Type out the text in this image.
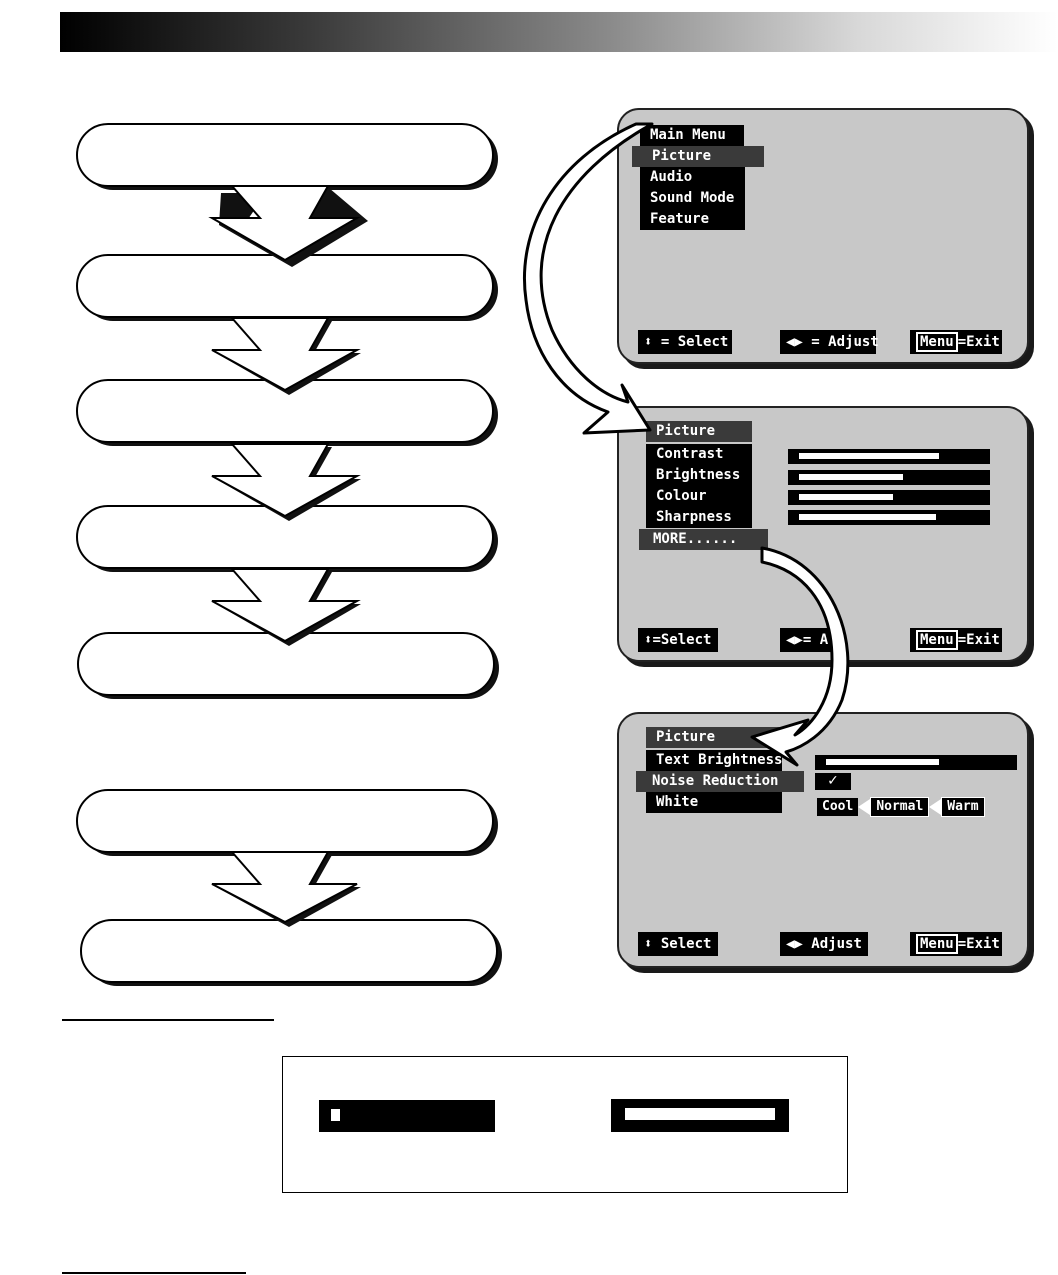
Main Menu
Picture
Audio
Sound Mode
Feature
⬍ = Select	◀▶ = Adjust	Menu =Exit
Picture
Contrast
Brightness
Colour
Sharpness
MORE......
⬍=Select	◀▶= A	Menu =Exit
Picture
Text Brightness
Noise Reduction
White
✓
Cool Normal Warm
⬍ Select	◀▶ Adjust	Menu =Exit
